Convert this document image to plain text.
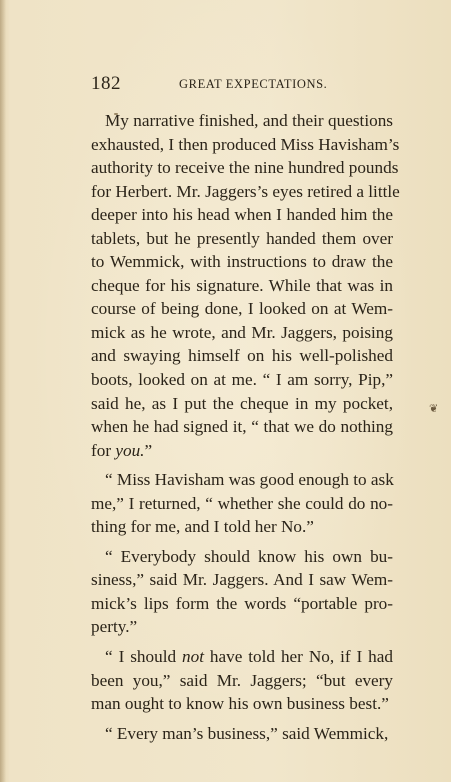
182	GREAT EXPECTATIONS.
My narrative finished, and their questions
exhausted, I then produced Miss Havisham’s
authority to receive the nine hundred pounds
for Herbert. Mr. Jaggers’s eyes retired a little
deeper into his head when I handed him the
tablets, but he presently handed them over
to Wemmick, with instructions to draw the
cheque for his signature. While that was in
course of being done, I looked on at Wem-
mick as he wrote, and Mr. Jaggers, poising
and swaying himself on his well-polished
boots, looked on at me. “ I am sorry, Pip,”
said he, as I put the cheque in my pocket,
when he had signed it, “ that we do nothing
for you.”
“ Miss Havisham was good enough to ask
me,” I returned, “ whether she could do no-
thing for me, and I told her No.”
“ Everybody should know his own bu-
siness,” said Mr. Jaggers. And I saw Wem-
mick’s lips form the words “portable pro-
perty.”
“ I should not have told her No, if I had
been you,” said Mr. Jaggers; “but every
man ought to know his own business best.”
“ Every man’s business,” said Wemmick,
❦
